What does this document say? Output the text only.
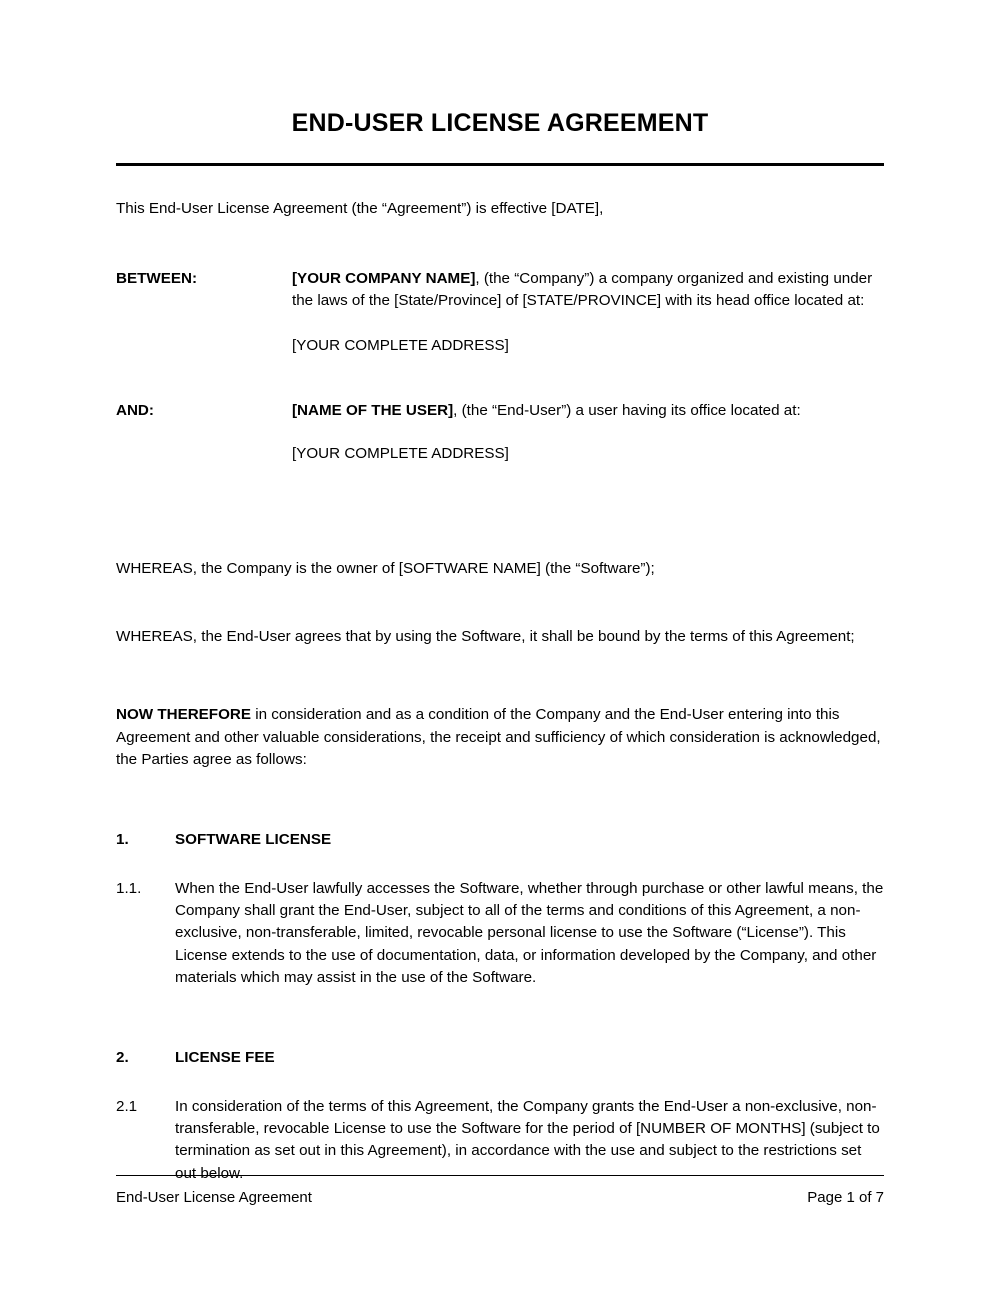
END-USER LICENSE AGREEMENT

This End-User License Agreement (the “Agreement”) is effective [DATE],

BETWEEN:	[YOUR COMPANY NAME], (the “Company”) a company organized and existing under the laws of the [State/Province] of [STATE/PROVINCE] with its head office located at:

[YOUR COMPLETE ADDRESS]

AND:	[NAME OF THE USER], (the “End-User”) a user having its office located at:

[YOUR COMPLETE ADDRESS]

WHEREAS, the Company is the owner of [SOFTWARE NAME] (the “Software”);

WHEREAS, the End-User agrees that by using the Software, it shall be bound by the terms of this Agreement;

NOW THEREFORE in consideration and as a condition of the Company and the End-User entering into this Agreement and other valuable considerations, the receipt and sufficiency of which consideration is acknowledged, the Parties agree as follows:

1.	SOFTWARE LICENSE
1.1.	When the End-User lawfully accesses the Software, whether through purchase or other lawful means, the Company shall grant the End-User, subject to all of the terms and conditions of this Agreement, a non-exclusive, non-transferable, limited, revocable personal license to use the Software (“License”). This License extends to the use of documentation, data, or information developed by the Company, and other materials which may assist in the use of the Software.
2.	LICENSE FEE
2.1	In consideration of the terms of this Agreement, the Company grants the End-User a non-exclusive, non-transferable, revocable License to use the Software for the period of [NUMBER OF MONTHS] (subject to termination as set out in this Agreement), in accordance with the use and subject to the restrictions set out below.
End-User License Agreement	Page 1 of 7
